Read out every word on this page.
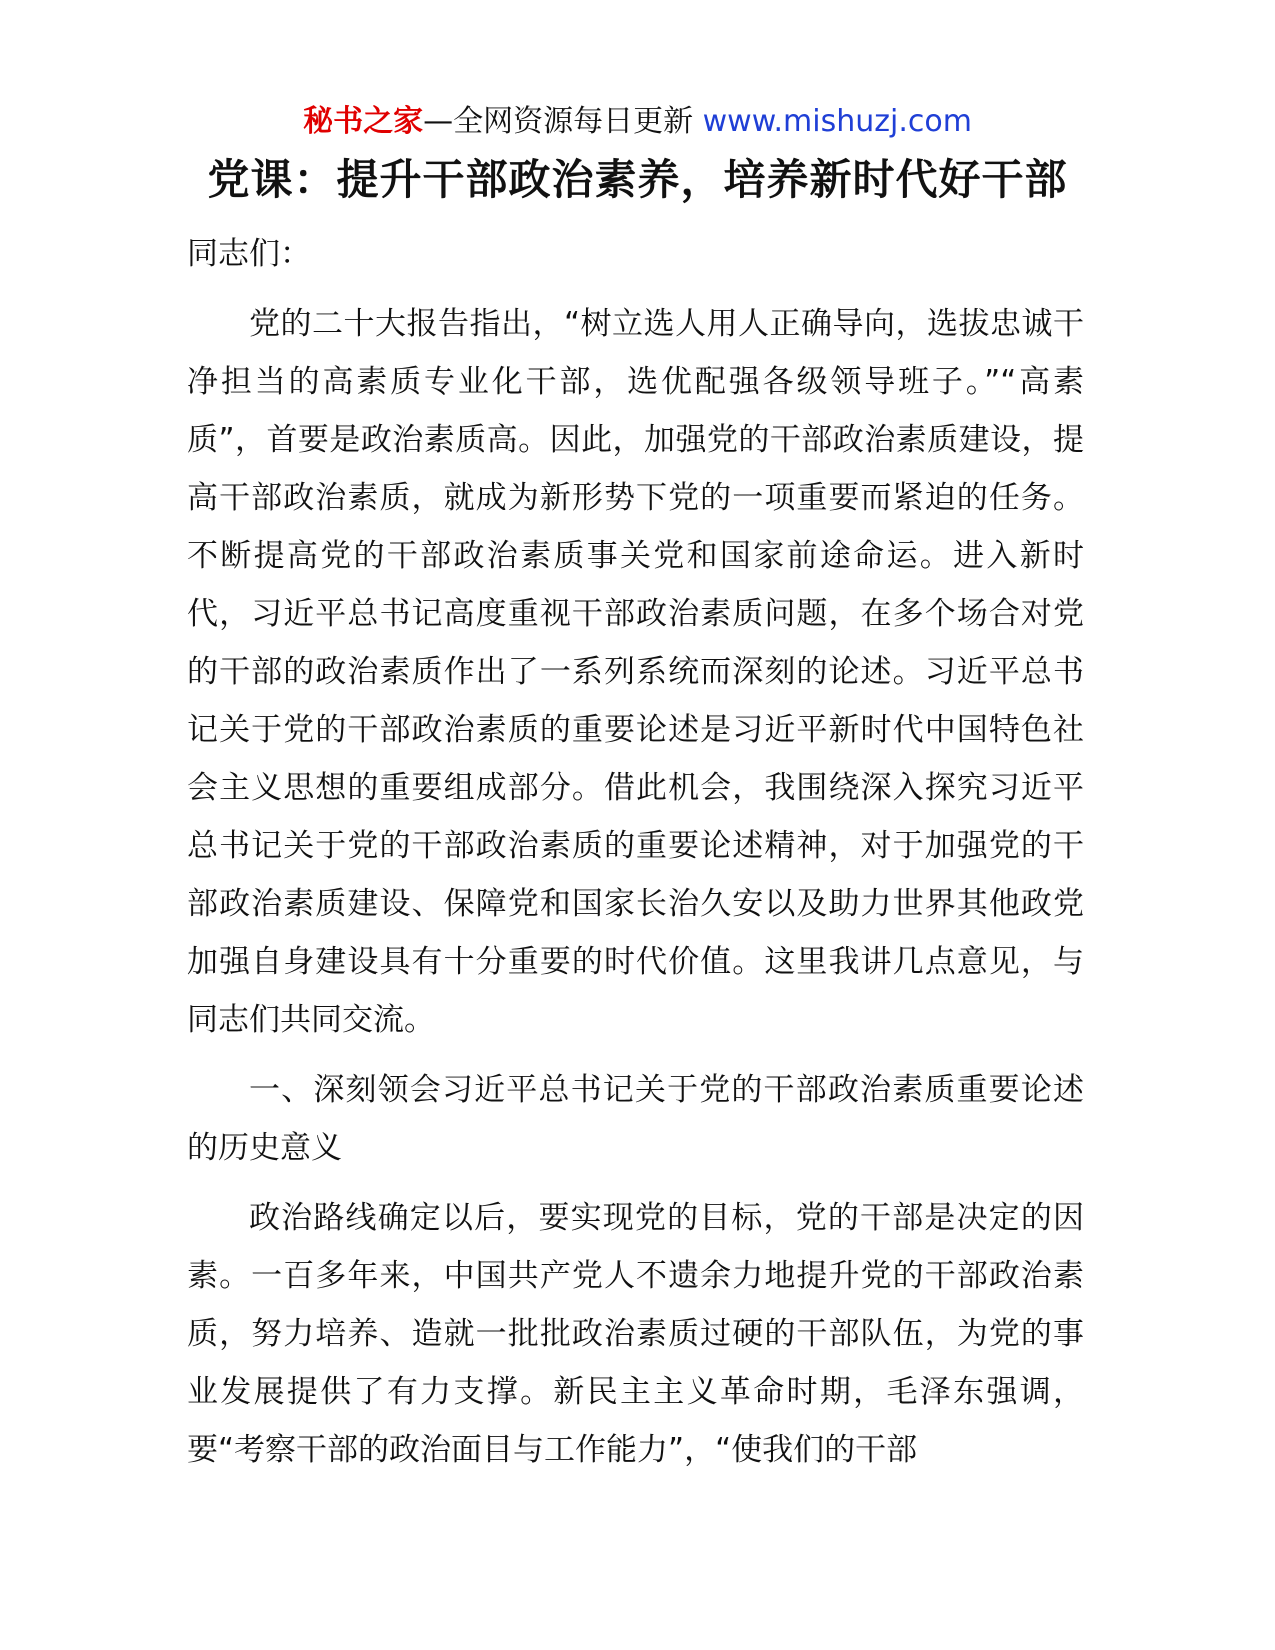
秘书之家—全网资源每日更新 www.mishuzj.com
党课：提升干部政治素养，培养新时代好干部

同志们：

党的二十大报告指出，“树立选人用人正确导向，选拔忠诚干净担当的高素质专业化干部，选优配强各级领导班子。”“高素质”，首要是政治素质高。因此，加强党的干部政治素质建设，提高干部政治素质，就成为新形势下党的一项重要而紧迫的任务。不断提高党的干部政治素质事关党和国家前途命运。进入新时代，习近平总书记高度重视干部政治素质问题，在多个场合对党的干部的政治素质作出了一系列系统而深刻的论述。习近平总书记关于党的干部政治素质的重要论述是习近平新时代中国特色社会主义思想的重要组成部分。借此机会，我围绕深入探究习近平总书记关于党的干部政治素质的重要论述精神，对于加强党的干部政治素质建设、保障党和国家长治久安以及助力世界其他政党加强自身建设具有十分重要的时代价值。这里我讲几点意见，与同志们共同交流。

一、深刻领会习近平总书记关于党的干部政治素质重要论述的历史意义

政治路线确定以后，要实现党的目标，党的干部是决定的因素。一百多年来，中国共产党人不遗余力地提升党的干部政治素质，努力培养、造就一批批政治素质过硬的干部队伍，为党的事业发展提供了有力支撑。新民主主义革命时期，毛泽东强调，要“考察干部的政治面目与工作能力”，“使我们的干部
